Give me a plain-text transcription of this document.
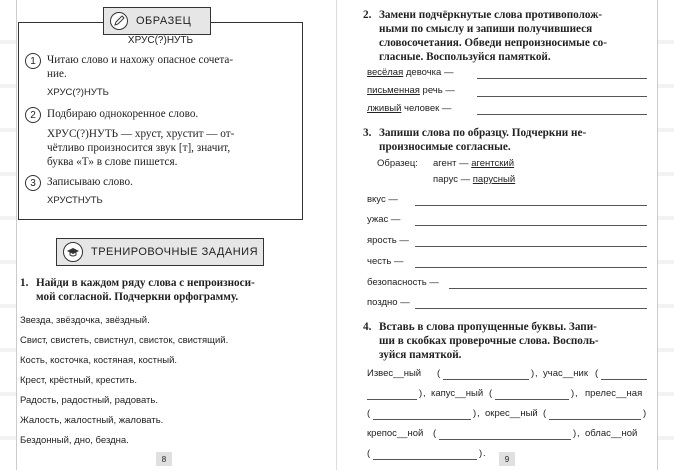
ОБРАЗЕЦ
ХРУС(?)НУТЬ
1	Читаю слово и нахожу опасное сочета-
ние.
ХРУС(?)НУТЬ
2	Подбираю однокоренное слово.
ХРУС(?)НУТЬ — хруст, хрустит — от-
чётливо произносится звук [т], значит,
буква «Т» в слове пишется.
3	Записываю слово.
ХРУСТНУТЬ
ТРЕНИРОВОЧНЫЕ ЗАДАНИЯ
1. Найди в каждом ряду слова с непроизноси-
мой согласной. Подчеркни орфограмму.
Звезда, звёздочка, звёздный.
Свист, свистеть, свистнул, свисток, свистящий.
Кость, косточка, костяная, костный.
Крест, крёстный, крестить.
Радость, радостный, радовать.
Жалость, жалостный, жаловать.
Бездонный, дно, бездна.
8
2. Замени подчёркнутые слова противополож-
ными по смыслу и запиши получившиеся
словосочетания. Обведи непроизносимые со-
гласные. Воспользуйся памяткой.
весёлая девочка —
письменная речь —
лживый человек —
3. Запиши слова по образцу. Подчеркни не-
произносимые согласные.
Образец: агент — агентский
парус — парусный
вкус —
ужас —
ярость —
честь —
безопасность —
поздно —
4. Вставь в слова пропущенные буквы. Запи-
ши в скобках проверочные слова. Восполь-
зуйся памяткой.
Извес__ный (	) , учас__ник (
) , капус__ный (	) , прелес__ная
(	) , окрес__ный (	)
крепос__ной (	) , облас__ной
(	) .	9
